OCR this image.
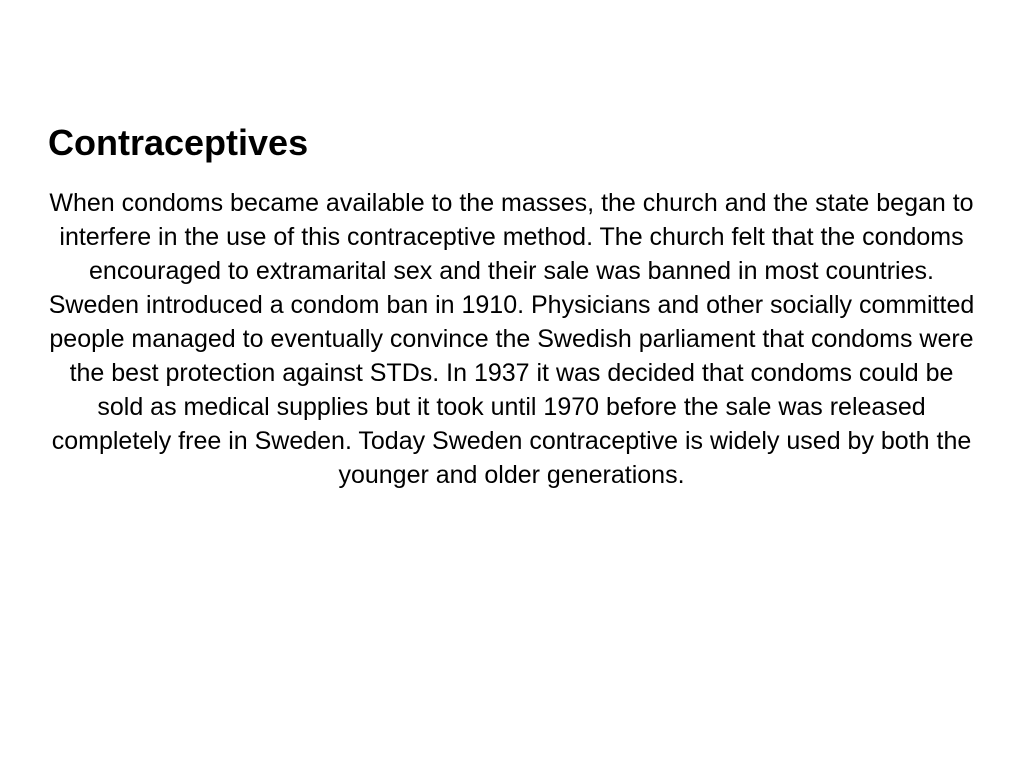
Contraceptives

When condoms became available to the masses, the church and the state began to interfere in the use of this contraceptive method. The church felt that the condoms encouraged to extramarital sex and their sale was banned in most countries. Sweden introduced a condom ban in 1910. Physicians and other socially committed people managed to eventually convince the Swedish parliament that condoms were the best protection against STDs. In 1937 it was decided that condoms could be sold as medical supplies but it took until 1970 before the sale was released completely free in Sweden. Today Sweden contraceptive is widely used by both the younger and older generations.
